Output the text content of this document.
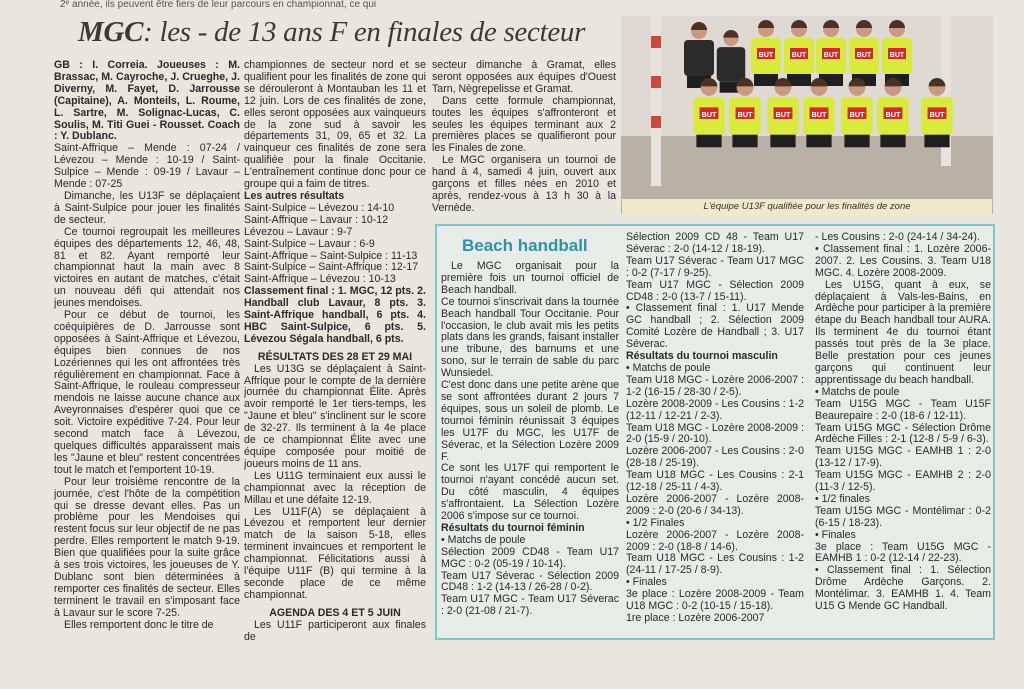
2ᵉ année, ils peuvent être fiers de leur parcours en championnat, ce qui
MGC: les - de 13 ans F en finales de secteur

GB : I. Correia. Joueuses : M. Brassac, M. Cayroche, J. Crueghe, J. Diverny, M. Fayet, D. Jarrousse (Capitaine), A. Monteils, L. Roume, L. Sartre, M. Solignac-Lucas, C. Soulis, M. Titi Guei - Rousset. Coach : Y. Dublanc.

Saint-Affrique – Mende : 07-24 / Lévezou – Mende : 10-19 / Saint-Sulpice – Mende : 09-19 / Lavaur – Mende : 07-25

Dimanche, les U13F se déplaçaient à Saint-Sulpice pour jouer les finalités de secteur.

Ce tournoi regroupait les meilleures équipes des départements 12, 46, 48, 81 et 82. Ayant remporté leur championnat haut la main avec 8 victoires en autant de matches, c'était un nouveau défi qui attendait nos jeunes mendoises.

Pour ce début de tournoi, les coéquipières de D. Jarrousse sont opposées à Saint-Affrique et Lévezou, équipes bien connues de nos Lozériennes qui les ont affrontées très régulièrement en championnat. Face à Saint-Affrique, le rouleau compresseur mendois ne laisse aucune chance aux Aveyronnaises d'espérer quoi que ce soit. Victoire expéditive 7-24. Pour leur second match face à Lévezou, quelques difficultés apparaissent mais les "Jaune et bleu" restent concentrées tout le match et l'emportent 10-19.

Pour leur troisième rencontre de la journée, c'est l'hôte de la compétition qui se dresse devant elles. Pas un problème pour les Mendoises qui restent focus sur leur objectif de ne pas perdre. Elles remportent le match 9-19. Bien que qualifiées pour la suite grâce à ses trois victoires, les joueuses de Y. Dublanc sont bien déterminées à remporter ces finalités de secteur. Elles terminent le travail en s'imposant face à Lavaur sur le score 7-25.

Elles remportent donc le titre de

championnes de secteur nord et se qualifient pour les finalités de zone qui se dérouleront à Montauban les 11 et 12 juin. Lors de ces finalités de zone, elles seront opposées aux vainqueurs de la zone sud à savoir les départements 31, 09, 65 et 32. La vainqueur ces finalités de zone sera qualifiée pour la finale Occitanie. L'entraînement continue donc pour ce groupe qui a faim de titres.

Les autres résultats

Saint-Sulpice – Lévezou : 14-10

Saint-Affrique – Lavaur : 10-12

Lévezou – Lavaur : 9-7

Saint-Sulpice – Lavaur : 6-9

Saint-Affrique – Saint-Sulpice : 11-13

Saint-Sulpice – Saint-Affrique : 12-17

Saint-Affrique – Lévezou : 10-13

Classement final : 1. MGC, 12 pts. 2. Handball club Lavaur, 8 pts. 3. Saint-Affrique handball, 6 pts. 4. HBC Saint-Sulpice, 6 pts. 5. Lévezou Ségala handball, 6 pts.

RÉSULTATS DES 28 ET 29 MAI

Les U13G se déplaçaient à Saint-Affrique pour le compte de la dernière journée du championnat Élite. Après avoir remporté le 1er tiers-temps, les "Jaune et bleu" s'inclinent sur le score de 32-27. Ils terminent à la 4e place de ce championnat Élite avec une équipe composée pour moitié de joueurs moins de 11 ans.

Les U11G terminaient eux aussi le championnat avec la réception de Millau et une défaite 12-19.

Les U11F(A) se déplaçaient à Lévezou et remportent leur dernier match de la saison 5-18, elles terminent invaincues et remportent le championnat. Félicitations aussi à l'équipe U11F (B) qui termine à la seconde place de ce même championnat.

AGENDA DES 4 ET 5 JUIN

Les U11F participeront aux finales de

secteur dimanche à Gramat, elles seront opposées aux équipes d'Ouest Tarn, Nègrepelisse et Gramat.

Dans cette formule championnat, toutes les équipes s'affronteront et seules les équipes terminant aux 2 premières places se qualifieront pour les Finales de zone.

Le MGC organisera un tournoi de hand à 4, samedi 4 juin, ouvert aux garçons et filles nées en 2010 et après, rendez-vous à 13 h 30 à la Vernède.

BUT	BUT	BUT	BUT	BUT
BUT	BUT	BUT	BUT	BUT	BUT	BUT
L'équipe U13F qualifiée pour les finalités de zone
Beach handball

Le MGC organisait pour la première fois un tournoi officiel de Beach handball.

Ce tournoi s'inscrivait dans la tournée Beach handball Tour Occitanie. Pour l'occasion, le club avait mis les petits plats dans les grands, faisant installer une tribune, des barnums et une sono, sur le terrain de sable du parc Wunsiedel.

C'est donc dans une petite arène que se sont affrontées durant 2 jours 7 équipes, sous un soleil de plomb. Le tournoi féminin réunissait 3 équipes les U17F du MGC, les U17F de Séverac, et la Sélection Lozère 2009 F.

Ce sont les U17F qui remportent le tournoi n'ayant concédé aucun set. Du côté masculin, 4 équipes s'affrontaient. La Sélection Lozère 2006 s'impose sur ce tournoi.

Résultats du tournoi féminin

• Matchs de poule

Sélection 2009 CD48 - Team U17 MGC : 0-2 (05-19 / 10-14).

Team U17 Séverac - Sélection 2009 CD48 : 1-2 (14-13 / 26-28 / 0-2).

Team U17 MGC - Team U17 Séverac : 2-0 (21-08 / 21-7).

Sélection 2009 CD 48 - Team U17 Séverac : 2-0 (14-12 / 18-19).

Team U17 Séverac - Team U17 MGC : 0-2 (7-17 / 9-25).

Team U17 MGC - Sélection 2009 CD48 : 2-0 (13-7 / 15-11).

• Classement final : 1. U17 Mende GC handball ; 2. Sélection 2009 Comité Lozère de Handball ; 3. U17 Séverac.

Résultats du tournoi masculin

• Matchs de poule

Team U18 MGC - Lozère 2006-2007 : 1-2 (16-15 / 28-30 / 2-5).

Lozère 2008-2009 - Les Cousins : 1-2 (12-11 / 12-21 / 2-3).

Team U18 MGC - Lozère 2008-2009 : 2-0 (15-9 / 20-10).

Lozère 2006-2007 - Les Cousins : 2-0 (28-18 / 25-19).

Team U18 MGC - Les Cousins : 2-1 (12-18 / 25-11 / 4-3).

Lozère 2006-2007 - Lozère 2008-2009 : 2-0 (20-6 / 34-13).

• 1/2 Finales

Lozère 2006-2007 - Lozère 2008-2009 : 2-0 (18-8 / 14-6).

Team U18 MGC - Les Cousins : 1-2 (24-11 / 17-25 / 8-9).

• Finales

3e place : Lozère 2008-2009 - Team U18 MGC : 0-2 (10-15 / 15-18).

1re place : Lozère 2006-2007

- Les Cousins : 2-0 (24-14 / 34-24).

• Classement final : 1. Lozère 2006-2007. 2. Les Cousins. 3. Team U18 MGC. 4. Lozère 2008-2009.

Les U15G, quant à eux, se déplaçaient à Vals-les-Bains, en Ardèche pour participer à la première étape du Beach handball tour AURA. Ils terminent 4e du tournoi étant passés tout près de la 3e place. Belle prestation pour ces jeunes garçons qui continuent leur apprentissage du beach handball.

• Matchs de poule

Team U15G MGC - Team U15F Beaurepaire : 2-0 (18-6 / 12-11).

Team U15G MGC - Sélection Drôme Ardèche Filles : 2-1 (12-8 / 5-9 / 6-3).

Team U15G MGC - EAMHB 1 : 2-0 (13-12 / 17-9).

Team U15G MGC - EAMHB 2 : 2-0 (11-3 / 12-5).

• 1/2 finales

Team U15G MGC - Montélimar : 0-2 (6-15 / 18-23).

• Finales

3e place : Team U15G MGC - EAMHB 1 : 0-2 (12-14 / 22-23).

• Classement final : 1. Sélection Drôme Ardèche Garçons. 2. Montélimar. 3. EAMHB 1. 4. Team U15 G Mende GC Handball.
